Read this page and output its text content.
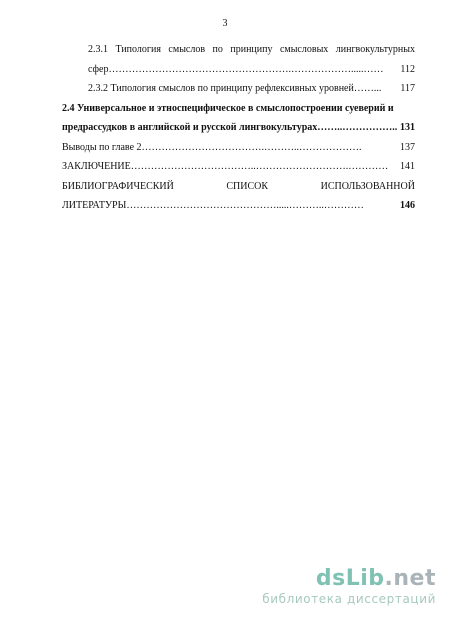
3
2.3.1 Типология смыслов по принципу смысловых лингвокультурных
сфер ……………………………………………….……………….....……	112
2.3.2 Типология смыслов по принципу рефлексивных уровней ……...	117
2.4 Универсальное и этноспецифическое в смыслопостроении суеверий и
предрассудков в английской и русской лингвокультурах ……..…………….. 131
Выводы по главе 2 ……………………………….………..……………….	137
ЗАКЛЮЧЕНИЕ ………………………………..……………………….…………	141
БИБЛИОГРАФИЧЕСКИЙ	СПИСОК	ИСПОЛЬЗОВАННОЙ
ЛИТЕРАТУРЫ ……………………………………….....………..…………	146
dsLib.net
библиотека диссертаций
